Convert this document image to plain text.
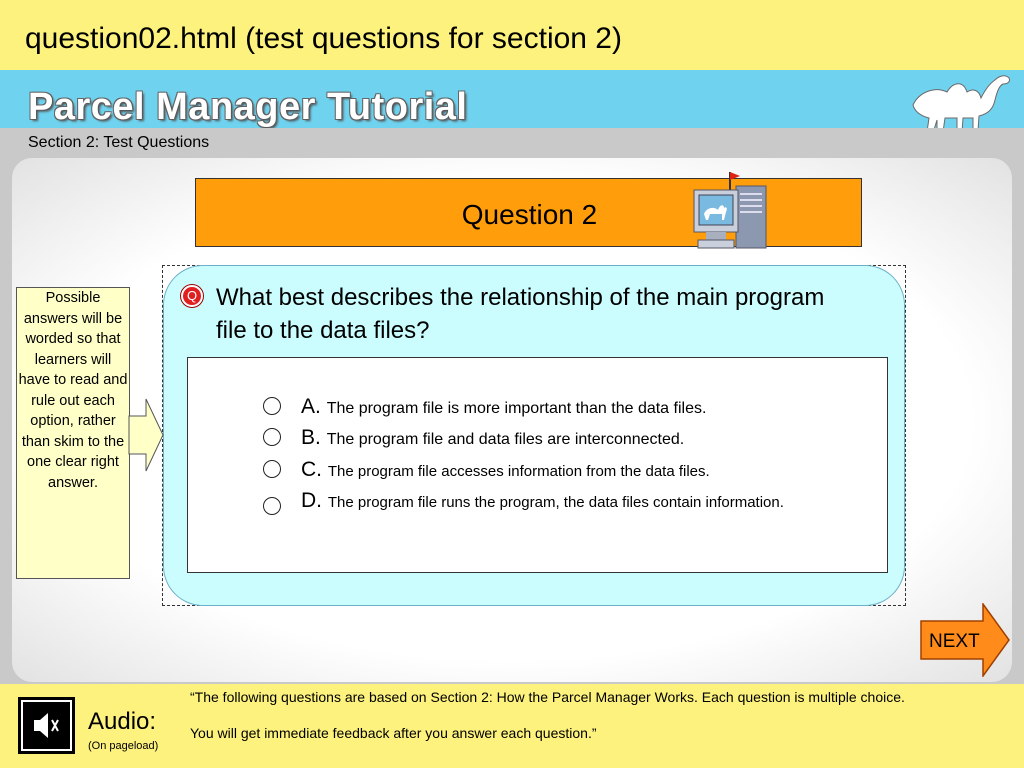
question02.html (test questions for section 2)
Parcel Manager Tutorial
Section 2: Test Questions
Question 2
Q What best describes the relationship of the main program file to the data files?
A. The program file is more important than the data files.
B. The program file and data files are interconnected.
C. The program file accesses information from the data files.
D. The program file runs the program, the data files contain information.
Possible answers will be worded so that learners will have to read and rule out each option, rather than skim to the one clear right answer.
NEXT

“The following questions are based on Section 2: How the Parcel Manager Works. Each question is multiple choice.

You will get immediate feedback after you answer each question.”

Audio:
(On pageload)
